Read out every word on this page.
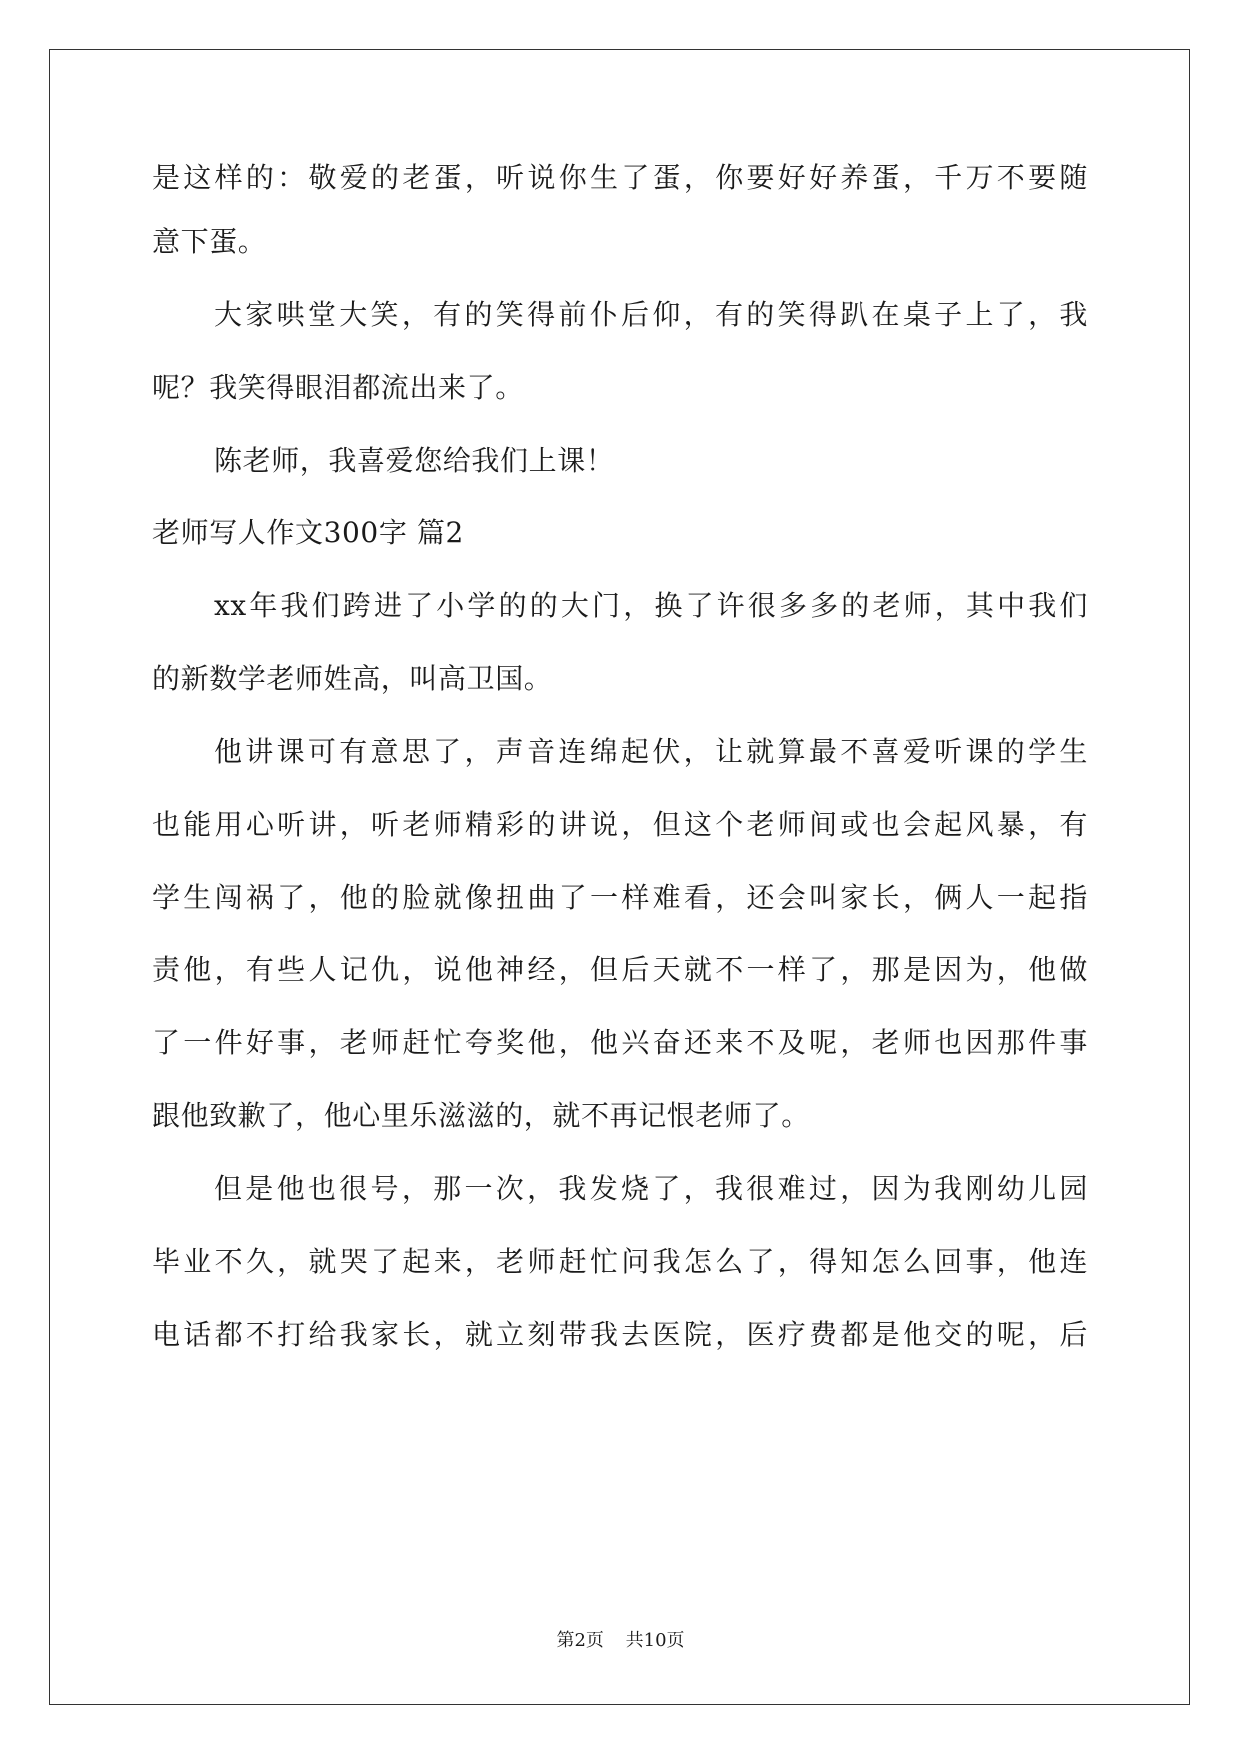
是这样的：敬爱的老蛋，听说你生了蛋，你要好好养蛋，千万不要随
意下蛋。
大家哄堂大笑，有的笑得前仆后仰，有的笑得趴在桌子上了，我
呢？我笑得眼泪都流出来了。
陈老师，我喜爱您给我们上课！
老师写人作文300字 篇2
xx年我们跨进了小学的的大门，换了许很多多的老师，其中我们
的新数学老师姓高，叫高卫国。
他讲课可有意思了，声音连绵起伏，让就算最不喜爱听课的学生
也能用心听讲，听老师精彩的讲说，但这个老师间或也会起风暴，有
学生闯祸了，他的脸就像扭曲了一样难看，还会叫家长，俩人一起指
责他，有些人记仇，说他神经，但后天就不一样了，那是因为，他做
了一件好事，老师赶忙夸奖他，他兴奋还来不及呢，老师也因那件事
跟他致歉了，他心里乐滋滋的，就不再记恨老师了。
但是他也很号，那一次，我发烧了，我很难过，因为我刚幼儿园
毕业不久，就哭了起来，老师赶忙问我怎么了，得知怎么回事，他连
电话都不打给我家长，就立刻带我去医院，医疗费都是他交的呢，后
第2页 共10页
